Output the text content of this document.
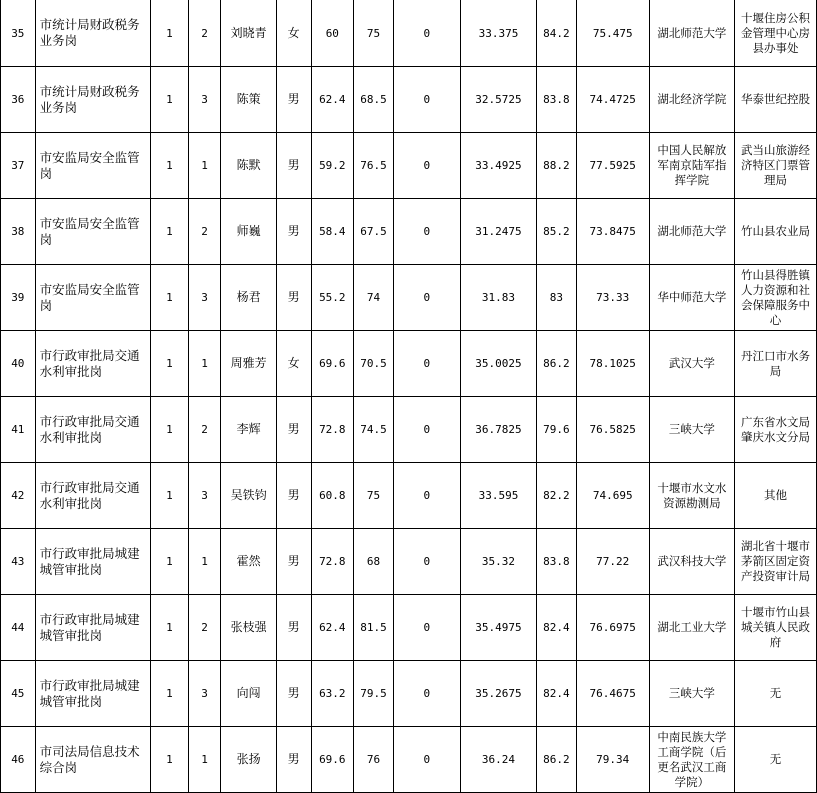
35	市统计局财政税务业务岗	1	2	刘晓青	女	60	75	0	33.375	84.2	75.475	湖北师范大学	十堰住房公积金管理中心房县办事处
36	市统计局财政税务业务岗	1	3	陈策	男	62.4	68.5	0	32.5725	83.8	74.4725	湖北经济学院	华泰世纪控股
37	市安监局安全监管岗	1	1	陈默	男	59.2	76.5	0	33.4925	88.2	77.5925	中国人民解放军南京陆军指挥学院	武当山旅游经济特区门票管理局
38	市安监局安全监管岗	1	2	师巍	男	58.4	67.5	0	31.2475	85.2	73.8475	湖北师范大学	竹山县农业局
39	市安监局安全监管岗	1	3	杨君	男	55.2	74	0	31.83	83	73.33	华中师范大学	竹山县得胜镇人力资源和社会保障服务中心
40	市行政审批局交通水利审批岗	1	1	周雅芳	女	69.6	70.5	0	35.0025	86.2	78.1025	武汉大学	丹江口市水务局
41	市行政审批局交通水利审批岗	1	2	李辉	男	72.8	74.5	0	36.7825	79.6	76.5825	三峡大学	广东省水文局肇庆水文分局
42	市行政审批局交通水利审批岗	1	3	吴铁钧	男	60.8	75	0	33.595	82.2	74.695	十堰市水文水资源勘测局	其他
43	市行政审批局城建城管审批岗	1	1	霍然	男	72.8	68	0	35.32	83.8	77.22	武汉科技大学	湖北省十堰市茅箭区固定资产投资审计局
44	市行政审批局城建城管审批岗	1	2	张枝强	男	62.4	81.5	0	35.4975	82.4	76.6975	湖北工业大学	十堰市竹山县城关镇人民政府
45	市行政审批局城建城管审批岗	1	3	向闯	男	63.2	79.5	0	35.2675	82.4	76.4675	三峡大学	无
46	市司法局信息技术综合岗	1	1	张扬	男	69.6	76	0	36.24	86.2	79.34	中南民族大学工商学院（后更名武汉工商学院）	无
